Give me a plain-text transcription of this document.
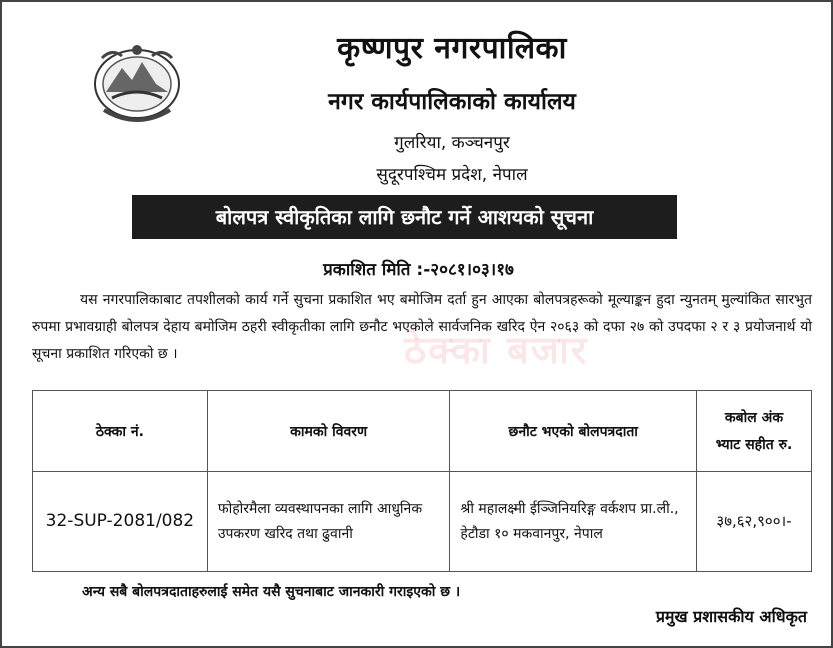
कृष्णपुर नगरपालिका
नगर कार्यपालिकाको कार्यालय
गुलरिया, कञ्चनपुर
सुदूरपश्चिम प्रदेश, नेपाल
बोलपत्र स्वीकृतिका लागि छनौट गर्ने आशयको सूचना
प्रकाशित मिति :-२०८१।०३।१७

यस नगरपालिकाबाट तपशीलको कार्य गर्ने सुचना प्रकाशित भए बमोजिम दर्ता हुन आएका बोलपत्रहरूको मूल्याङ्कन हुदा न्युनतम् मुल्यांकित सारभुत रुपमा प्रभावग्राही बोलपत्र देहाय बमोजिम ठहरी स्वीकृतीका लागि छनौट भएकोले सार्वजनिक खरिद ऐन २०६३ को दफा २७ को उपदफा २ र ३ प्रयोजनार्थ यो सूचना प्रकाशित गरिएको छ ।	ठेक्का बजार
ठेक्का नं.	कामको विवरण	छनौट भएको बोलपत्रदाता	कबोल अंक
भ्याट सहीत रु.

32-SUP-2081/082	फोहोरमैला व्यवस्थापनका लागि आधुनिक उपकरण खरिद तथा ढुवानी	श्री महालक्ष्मी ईञ्जिनियरिङ्ग वर्कशप प्रा.ली., हेटौडा १० मकवानपुर, नेपाल	३७,६२,९००।-
अन्य सबै बोलपत्रदाताहरुलाई समेत यसै सुचनाबाट जानकारी गराइएको छ ।
प्रमुख प्रशासकीय अधिकृत
